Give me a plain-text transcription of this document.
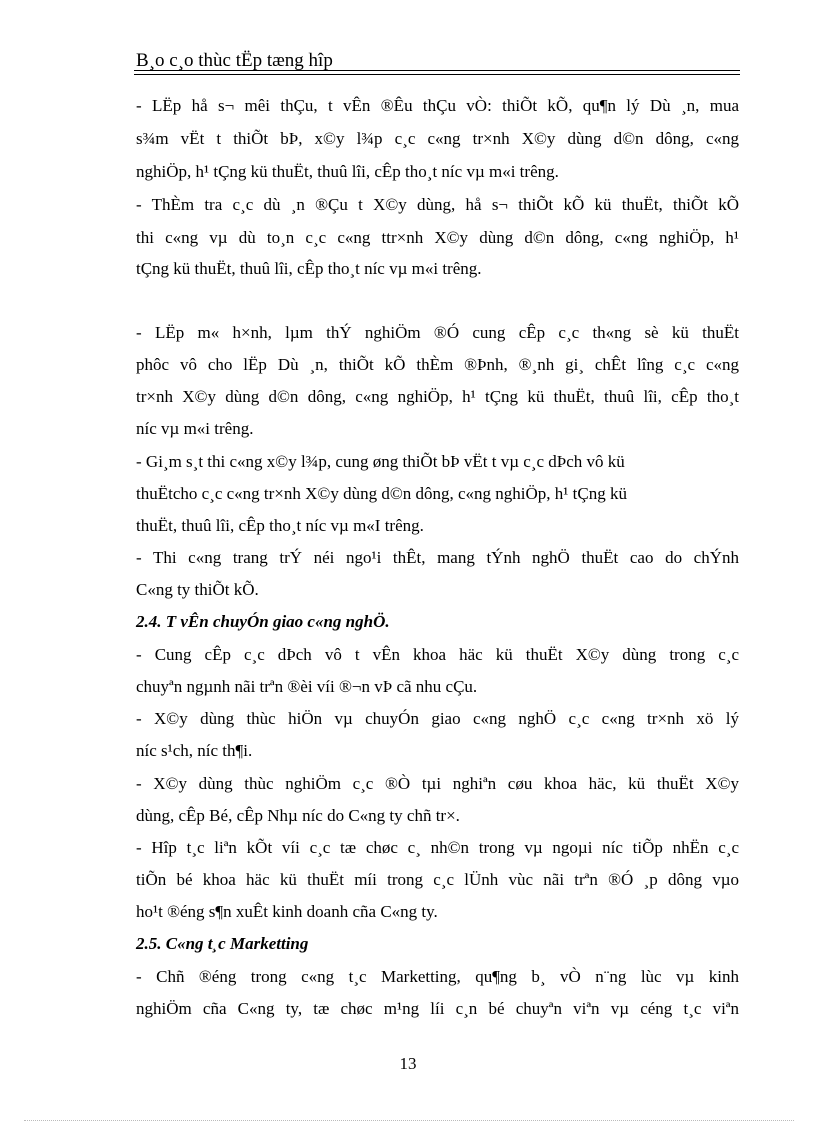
B¸o c¸o thùc tËp tæng hîp
- LËp hå s¬ mêi thÇu, t vÊn ®Êu thÇu vÒ: thiÕt kÕ, qu¶n lý Dù ¸n, mua
s¾m vËt t thiÕt bÞ, x©y l¾p c¸c c«ng tr×nh X©y dùng d©n dông, c«ng
nghiÖp, h¹ tÇng kü thuËt, thuû lîi, cÊp tho¸t níc vµ m«i trêng.
- ThÈm tra c¸c dù ¸n ®Çu t X©y dùng, hå s¬ thiÕt kÕ kü thuËt, thiÕt kÕ
thi c«ng vµ dù to¸n c¸c c«ng ttr×nh X©y dùng d©n dông, c«ng nghiÖp, h¹
tÇng kü thuËt, thuû lîi, cÊp tho¸t níc vµ m«i trêng.
- LËp m« h×nh, lµm thÝ nghiÖm ®Ó cung cÊp c¸c th«ng sè kü thuËt
phôc vô cho lËp Dù ¸n, thiÕt kÕ thÈm ®Þnh, ®¸nh gi¸ chÊt lîng c¸c c«ng
tr×nh X©y dùng d©n dông, c«ng nghiÖp, h¹ tÇng kü thuËt, thuû lîi, cÊp tho¸t
níc vµ m«i trêng.
- Gi¸m s¸t thi c«ng x©y l¾p, cung øng thiÕt bÞ vËt t vµ c¸c dÞch vô kü
thuËtcho c¸c c«ng tr×nh X©y dùng d©n dông, c«ng nghiÖp, h¹ tÇng kü
thuËt, thuû lîi, cÊp tho¸t níc vµ m«I trêng.
- Thi c«ng trang trÝ néi ngo¹i thÊt, mang tÝnh nghÖ thuËt cao do chÝnh
C«ng ty thiÕt kÕ.
2.4. T vÊn chuyÓn giao c«ng nghÖ.
- Cung cÊp c¸c dÞch vô t vÊn khoa häc kü thuËt X©y dùng trong c¸c
chuyªn ngµnh nãi trªn ®èi víi ®¬n vÞ cã nhu cÇu.
- X©y dùng thùc hiÖn vµ chuyÓn giao c«ng nghÖ c¸c c«ng tr×nh xö lý
níc s¹ch, níc th¶i.
- X©y dùng thùc nghiÖm c¸c ®Ò tµi nghiªn cøu khoa häc, kü thuËt X©y
dùng, cÊp Bé, cÊp Nhµ níc do C«ng ty chñ tr×.
- Hîp t¸c liªn kÕt víi c¸c tæ chøc c¸ nh©n trong vµ ngoµi níc tiÕp nhËn c¸c
tiÕn bé khoa häc kü thuËt míi trong c¸c lÜnh vùc nãi trªn ®Ó ¸p dông vµo
ho¹t ®éng s¶n xuÊt kinh doanh cña C«ng ty.
2.5. C«ng t¸c Marketting
- Chñ ®éng trong c«ng t¸c Marketting, qu¶ng b¸ vÒ n¨ng lùc vµ kinh
nghiÖm cña C«ng ty, tæ chøc m¹ng líi c¸n bé chuyªn viªn vµ céng t¸c viªn
13
